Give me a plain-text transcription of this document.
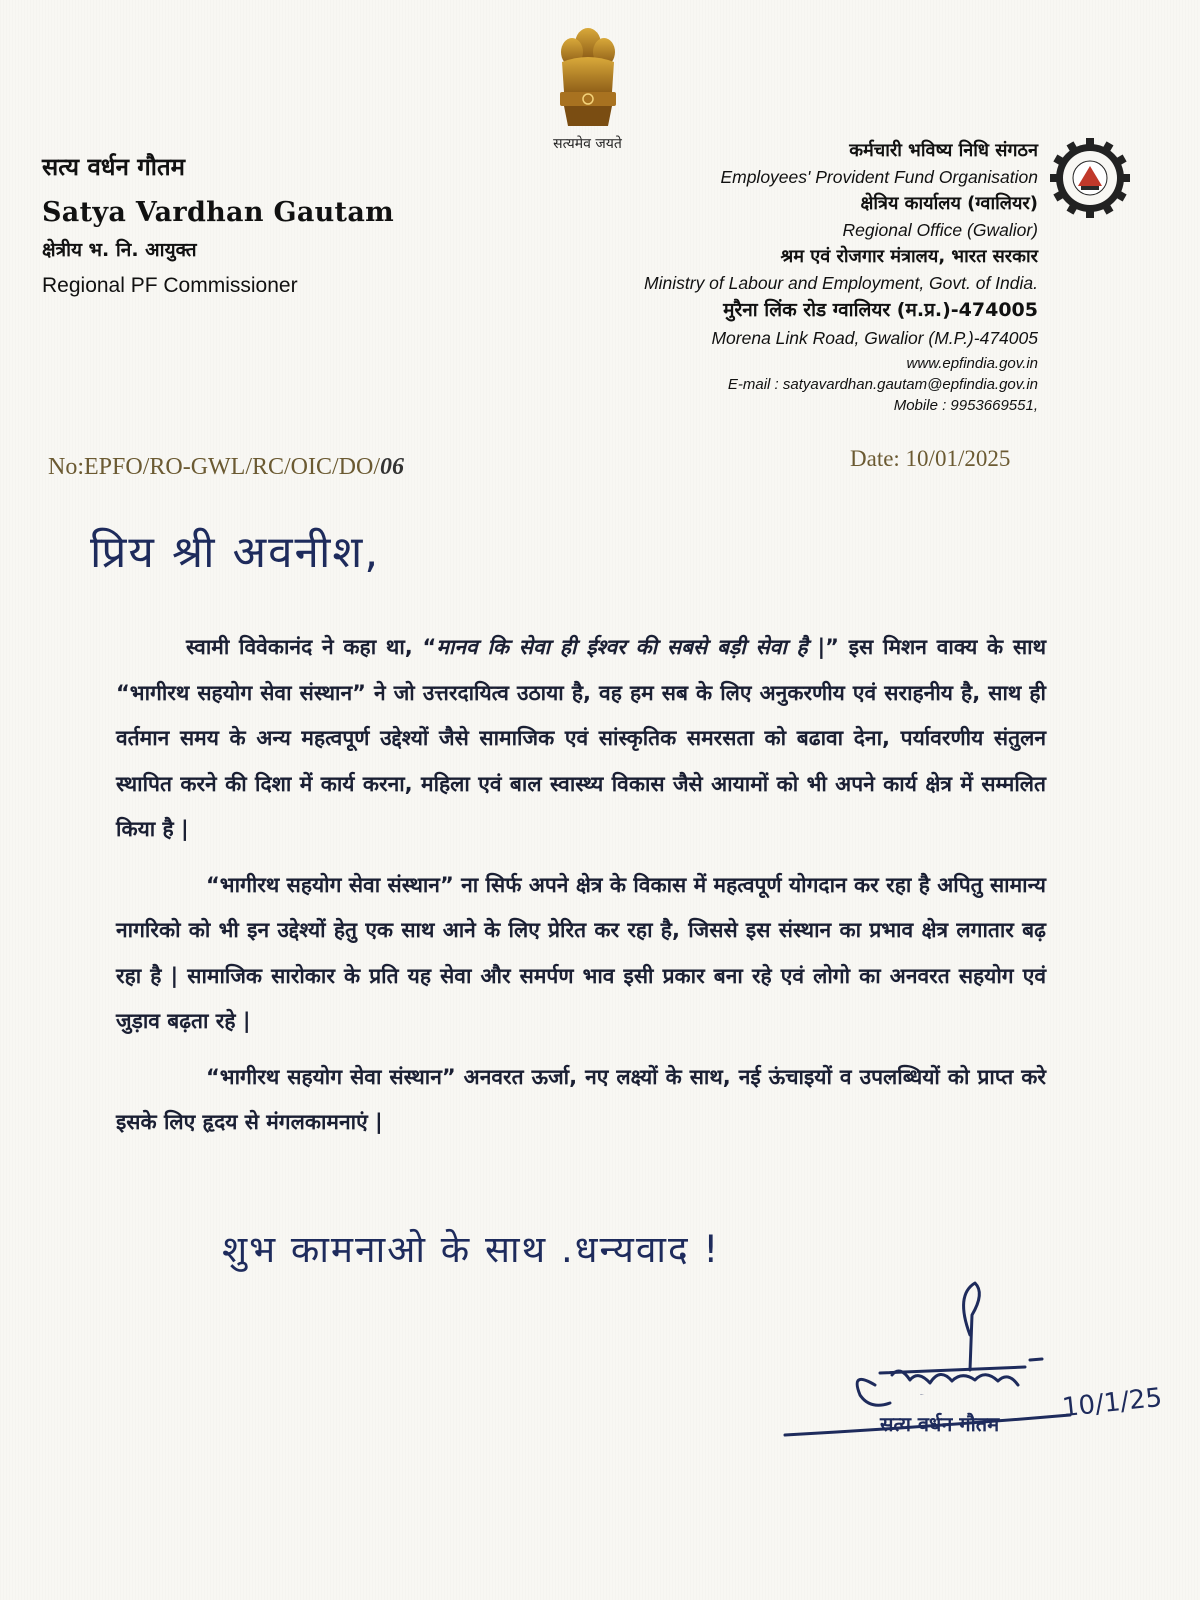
सत्यमेव जयते
सत्य वर्धन गौतम
Satya Vardhan Gautam
क्षेत्रीय भ. नि. आयुक्त
Regional PF Commissioner
कर्मचारी भविष्य निधि संगठन
Employees' Provident Fund Organisation
क्षेत्रिय कार्यालय (ग्वालियर)
Regional Office (Gwalior)
श्रम एवं रोजगार मंत्रालय, भारत सरकार
Ministry of Labour and Employment, Govt. of India.
मुरैना लिंक रोड ग्वालियर (म.प्र.)-474005
Morena Link Road, Gwalior (M.P.)-474005
www.epfindia.gov.in
E-mail : satyavardhan.gautam@epfindia.gov.in
Mobile : 9953669551,
No:EPFO/RO-GWL/RC/OIC/DO/06	Date: 10/01/2025
प्रिय श्री अवनीश,

स्वामी विवेकानंद ने कहा था, “मानव कि सेवा ही ईश्वर की सबसे बड़ी सेवा है |” इस मिशन वाक्य के साथ “भागीरथ सहयोग सेवा संस्थान” ने जो उत्तरदायित्व उठाया है, वह हम सब के लिए अनुकरणीय एवं सराहनीय है, साथ ही वर्तमान समय के अन्य महत्वपूर्ण उद्देश्यों जैसे सामाजिक एवं सांस्कृतिक समरसता को बढावा देना, पर्यावरणीय संतुलन स्थापित करने की दिशा में कार्य करना, महिला एवं बाल स्वास्थ्य विकास जैसे आयामों को भी अपने कार्य क्षेत्र में सम्मलित किया है |

“भागीरथ सहयोग सेवा संस्थान” ना सिर्फ अपने क्षेत्र के विकास में महत्वपूर्ण योगदान कर रहा है अपितु सामान्य नागरिको को भी इन उद्देश्यों हेतु एक साथ आने के लिए प्रेरित कर रहा है, जिससे इस संस्थान का प्रभाव क्षेत्र लगातार बढ़ रहा है | सामाजिक सारोकार के प्रति यह सेवा और समर्पण भाव इसी प्रकार बना रहे एवं लोगो का अनवरत सहयोग एवं जुड़ाव बढ़ता रहे |

“भागीरथ सहयोग सेवा संस्थान” अनवरत ऊर्जा, नए लक्ष्यों के साथ, नई ऊंचाइयों व उपलब्धियों को प्राप्त करे इसके लिए हृदय से मंगलकामनाएं |

शुभ कामनाओ के साथ .धन्यवाद !
सत्यवर्धन
सत्य वर्धन गौतम
10/1/25
